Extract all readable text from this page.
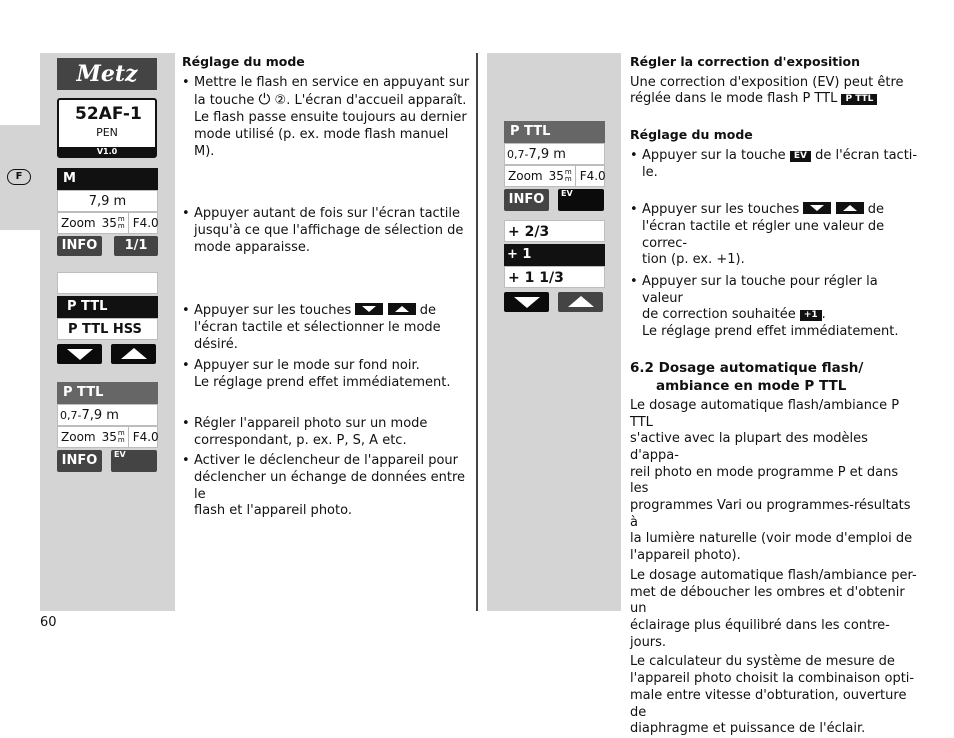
F
Metz
52AF-1
PEN
V1.0
M
7,9 m
Zoom 35 m
m F4.0
INFO	1/1
P TTL
P TTL HSS
P TTL
0,7-7,9 m
Zoom 35 m
m F4.0
INFO	EV
Réglage du mode
• Mettre le flash en service en appuyant sur
la touche ⏻ ②. L'écran d'accueil apparaît.
Le flash passe ensuite toujours au dernier
mode utilisé (p. ex. mode flash manuel M).
• Appuyer autant de fois sur l'écran tactile
jusqu'à ce que l'affichage de sélection de
mode apparaisse.
• Appuyer sur les touches	de
l'écran tactile et sélectionner le mode
désiré.
• Appuyer sur le mode sur fond noir.
Le réglage prend effet immédiatement.
• Régler l'appareil photo sur un mode
correspondant, p. ex. P, S, A etc.
• Activer le déclencheur de l'appareil pour
déclencher un échange de données entre le
flash et l'appareil photo.
P TTL
0,7-7,9 m
Zoom 35 m
m F4.0
INFO	EV
+ 2/3
+ 1
+ 1 1/3
Régler la correction d'exposition
Une correction d'exposition (EV) peut être
réglée dans le mode flash P TTL P TTL
Réglage du mode
• Appuyer sur la touche EV de l'écran tacti-
le.
• Appuyer sur les touches	de
l'écran tactile et régler une valeur de correc-
tion (p. ex. +1).
• Appuyer sur la touche pour régler la valeur
de correction souhaitée +1 .
Le réglage prend effet immédiatement.
6.2 Dosage automatique flash/
ambiance en mode P TTL
Le dosage automatique flash/ambiance P TTL
s'active avec la plupart des modèles d'appa-
reil photo en mode programme P et dans les
programmes Vari ou programmes-résultats à
la lumière naturelle (voir mode d'emploi de
l'appareil photo).
Le dosage automatique flash/ambiance per-
met de déboucher les ombres et d'obtenir un
éclairage plus équilibré dans les contre-
jours.
Le calculateur du système de mesure de
l'appareil photo choisit la combinaison opti-
male entre vitesse d'obturation, ouverture de
diaphragme et puissance de l'éclair.
60
